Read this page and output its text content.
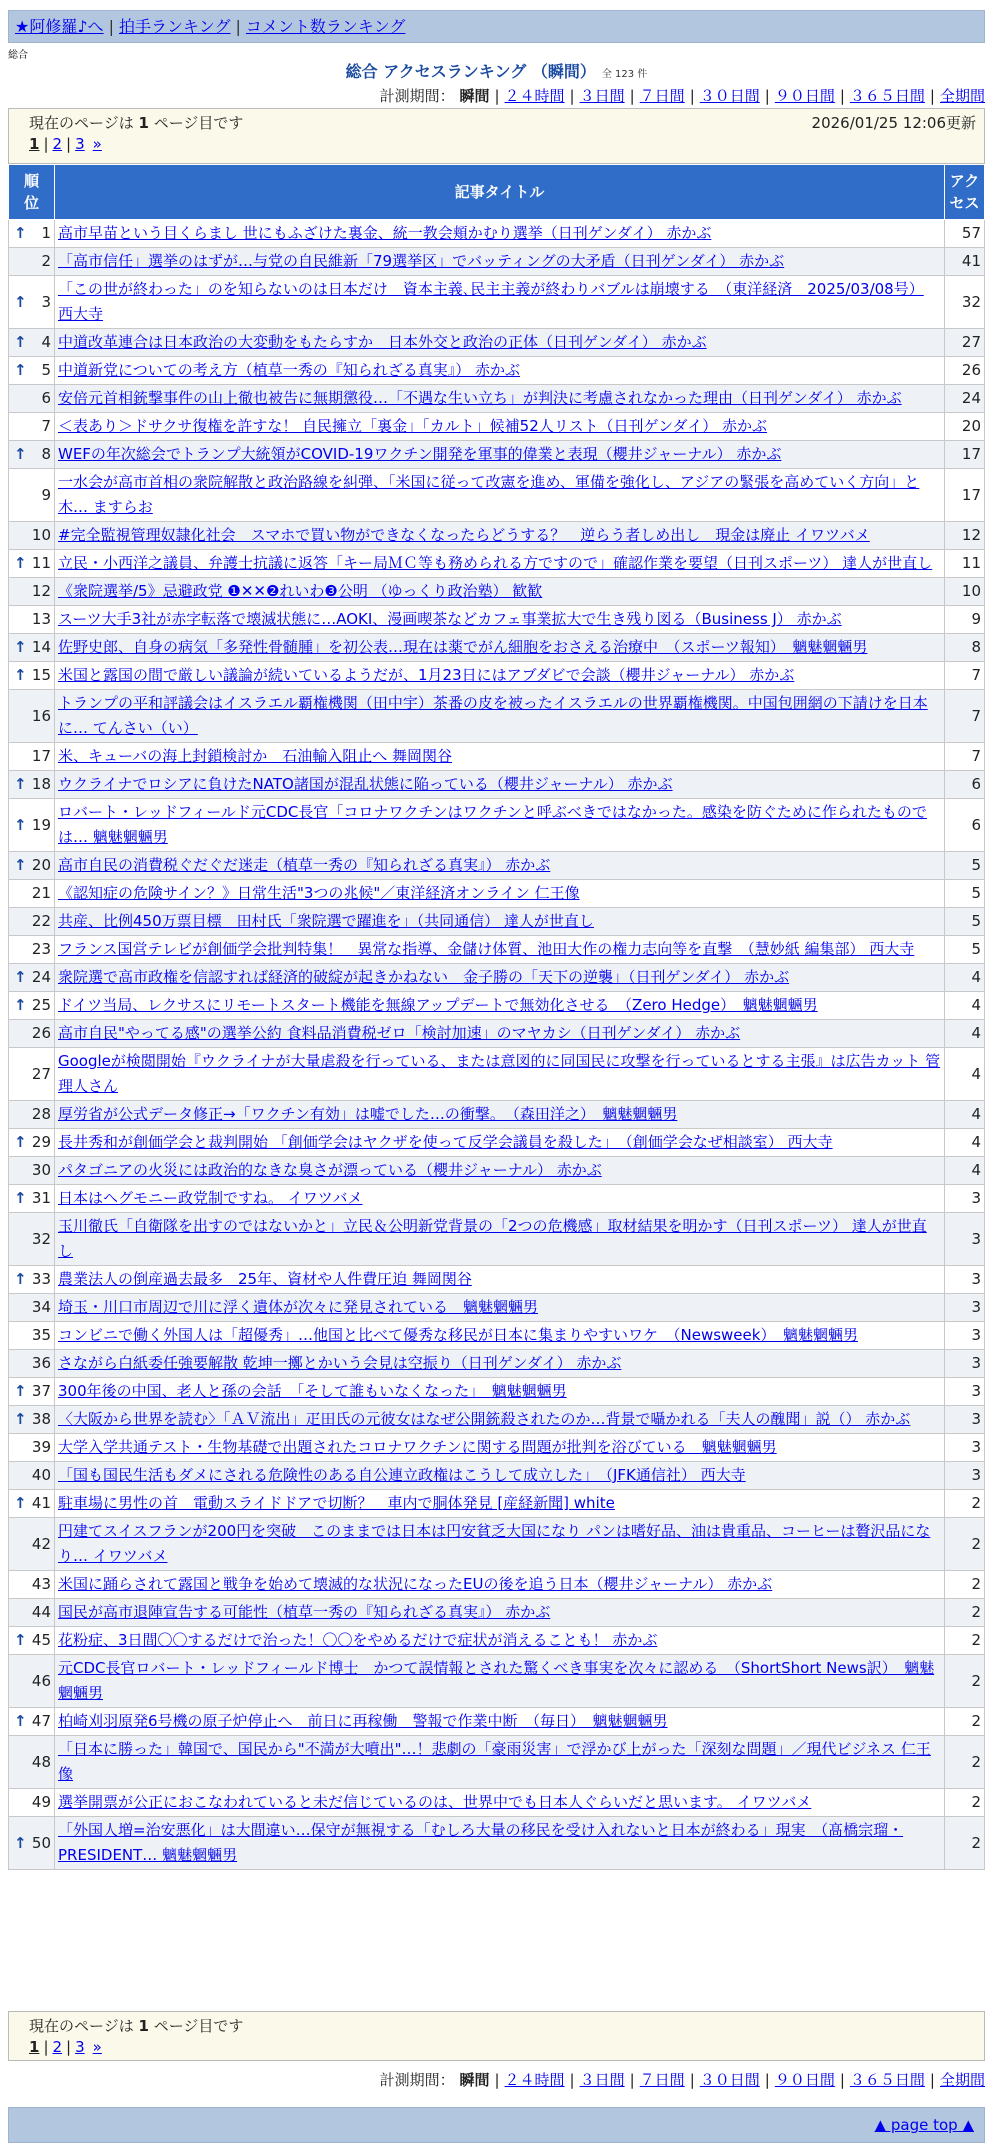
★阿修羅♪へ | 拍手ランキング | コメント数ランキング
総合
総合 アクセスランキング （瞬間） 全 123 件
計測期間： 瞬間 | ２４時間 | ３日間 | ７日間 | ３０日間 | ９０日間 | ３６５日間 | 全期間
現在のページは 1 ページ目です	2026/01/25 12:06更新
1 | 2 | 3 »
順位	記事タイトル	アクセス

↑ 1	高市早苗という目くらまし 世にもふざけた裏金、統一教会頬かむり選挙（日刊ゲンダイ） 赤かぶ	57
2	「高市信任」選挙のはずが…与党の自民維新「79選挙区」でバッティングの大矛盾（日刊ゲンダイ） 赤かぶ	41

↑ 3	「この世が終わった」のを知らないのは日本だけ　資本主義､民主主義が終わりバブルは崩壊する　（東洋経済　2025/03/08号） 西大寺	32

↑ 4	中道改革連合は日本政治の大変動をもたらすか　日本外交と政治の正体（日刊ゲンダイ） 赤かぶ	27

↑ 5	中道新党についての考え方（植草一秀の『知られざる真実』） 赤かぶ	26
6	安倍元首相銃撃事件の山上徹也被告に無期懲役…「不遇な生い立ち」が判決に考慮されなかった理由（日刊ゲンダイ） 赤かぶ	24
7	＜表あり＞ドサクサ復権を許すな！ 自民擁立「裏金」「カルト」候補52人リスト（日刊ゲンダイ） 赤かぶ	20

↑ 8	WEFの年次総会でトランプ大統領がCOVID-19ワクチン開発を軍事的偉業と表現（櫻井ジャーナル） 赤かぶ	17
9	一水会が高市首相の衆院解散と政治路線を糾弾、「米国に従って改憲を進め、軍備を強化し、アジアの緊張を高めていく方向」と木… ますらお	17
10	#完全監視管理奴隷化社会　スマホで買い物ができなくなったらどうする？　逆らう者しめ出し　現金は廃止 イワツバメ	12

↑ 11	立民・小西洋之議員、弁護士抗議に返答「キー局ＭＣ等も務められる方ですので」確認作業を要望（日刊スポーツ） 達人が世直し	11
12	《衆院選挙/5》忌避政党 ❶✕✕❷れいわ❸公明 （ゆっくり政治塾） 歓歓	10
13	スーツ大手3社が赤字転落で壊滅状態に…AOKI、漫画喫茶などカフェ事業拡大で生き残り図る（Business J） 赤かぶ	9

↑ 14	佐野史郎、自身の病気「多発性骨髄腫」を初公表…現在は薬でがん細胞をおさえる治療中　（スポーツ報知）　魑魅魍魎男	8

↑ 15	米国と露国の間で厳しい議論が続いているようだが、1月23日にはアブダビで会談（櫻井ジャーナル） 赤かぶ	7
16	トランプの平和評議会はイスラエル覇権機関（田中宇）茶番の皮を被ったイスラエルの世界覇権機関。中国包囲網の下請けを日本に… てんさい（い）	7
17	米、キューバの海上封鎖検討か　石油輸入阻止へ 舞岡関谷	7

↑ 18	ウクライナでロシアに負けたNATO諸国が混乱状態に陥っている（櫻井ジャーナル） 赤かぶ	6

↑ 19	ロバート・レッドフィールド元CDC長官「コロナワクチンはワクチンと呼ぶべきではなかった。感染を防ぐために作られたものでは… 魑魅魍魎男	6

↑ 20	高市自民の消費税ぐだぐだ迷走（植草一秀の『知られざる真実』） 赤かぶ	5
21	《認知症の危険サイン？》日常生活"3つの兆候"／東洋経済オンライン 仁王像	5
22	共産、比例450万票目標　田村氏「衆院選で躍進を」（共同通信） 達人が世直し	5
23	フランス国営テレビが創価学会批判特集！　異常な指導、金儲け体質、池田大作の権力志向等を直撃　（慧妙紙 編集部） 西大寺	5

↑ 24	衆院選で高市政権を信認すれば経済的破綻が起きかねない　金子勝の「天下の逆襲」（日刊ゲンダイ） 赤かぶ	4

↑ 25	ドイツ当局、レクサスにリモートスタート機能を無線アップデートで無効化させる　（Zero Hedge）　魑魅魍魎男	4
26	高市自民"やってる感"の選挙公約 食料品消費税ゼロ「検討加速」のマヤカシ（日刊ゲンダイ） 赤かぶ	4
27	Googleが検閲開始『ウクライナが大量虐殺を行っている、または意図的に同国民に攻撃を行っているとする主張』は広告カット 管理人さん	4
28	厚労省が公式データ修正→「ワクチン有効」は嘘でした…の衝撃。　（森田洋之）　魑魅魍魎男	4

↑ 29	長井秀和が創価学会と裁判開始 「創価学会はヤクザを使って反学会議員を殺した」　（創価学会なぜ相談室） 西大寺	4
30	パタゴニアの火災には政治的なきな臭さが漂っている（櫻井ジャーナル） 赤かぶ	4

↑ 31	日本はヘグモニー政党制ですね。 イワツバメ	3
32	玉川徹氏「自衛隊を出すのではないかと」立民＆公明新党背景の「2つの危機感」取材結果を明かす（日刊スポーツ） 達人が世直し	3

↑ 33	農業法人の倒産過去最多　25年、資材や人件費圧迫 舞岡関谷	3
34	埼玉・川口市周辺で川に浮く遺体が次々に発見されている　魑魅魍魎男	3
35	コンビニで働く外国人は「超優秀」…他国と比べて優秀な移民が日本に集まりやすいワケ　（Newsweek）　魑魅魍魎男	3
36	さながら白紙委任強要解散 乾坤一擲とかいう会見は空振り（日刊ゲンダイ） 赤かぶ	3

↑ 37	300年後の中国、老人と孫の会話　「そして誰もいなくなった」　魑魅魍魎男	3

↑ 38	〈大阪から世界を読む〉「ＡＶ流出」疋田氏の元彼女はなぜ公開銃殺されたのか…背景で囁かれる「夫人の醜聞」説（） 赤かぶ	3
39	大学入学共通テスト・生物基礎で出題されたコロナワクチンに関する問題が批判を浴びている　魑魅魍魎男	3
40	「国も国民生活もダメにされる危険性のある自公連立政権はこうして成立した」　（JFK通信社） 西大寺	3

↑ 41	駐車場に男性の首　電動スライドドアで切断？　車内で胴体発見 [産経新聞] white	2
42	円建てスイスフランが200円を突破　このままでは日本は円安貧乏大国になり パンは嗜好品、油は貴重品、コーヒーは贅沢品になり… イワツバメ	2
43	米国に踊らされて露国と戦争を始めて壊滅的な状況になったEUの後を追う日本（櫻井ジャーナル） 赤かぶ	2
44	国民が高市退陣宣告する可能性（植草一秀の『知られざる真実』） 赤かぶ	2

↑ 45	花粉症、3日間〇〇するだけで治った！〇〇をやめるだけで症状が消えることも！ 赤かぶ	2
46	元CDC長官ロバート・レッドフィールド博士　かつて誤情報とされた驚くべき事実を次々に認める　（ShortShort News訳）　魑魅魍魎男	2

↑ 47	柏崎刈羽原発6号機の原子炉停止へ　前日に再稼働　警報で作業中断　（毎日）　魑魅魍魎男	2
48	「日本に勝った」韓国で、国民から"不満が大噴出"…！悲劇の「豪雨災害」で浮かび上がった「深刻な問題」／現代ビジネス 仁王像	2
49	選挙開票が公正におこなわれていると未だ信じているのは、世界中でも日本人ぐらいだと思います。 イワツバメ	2

↑ 50	「外国人増=治安悪化」は大間違い…保守が無視する「むしろ大量の移民を受け入れないと日本が終わる」現実　（髙橋宗瑠・PRESIDENT… 魑魅魍魎男	2
現在のページは 1 ページ目です
1 | 2 | 3 »
計測期間： 瞬間 | ２４時間 | ３日間 | ７日間 | ３０日間 | ９０日間 | ３６５日間 | 全期間
▲ page top ▲
